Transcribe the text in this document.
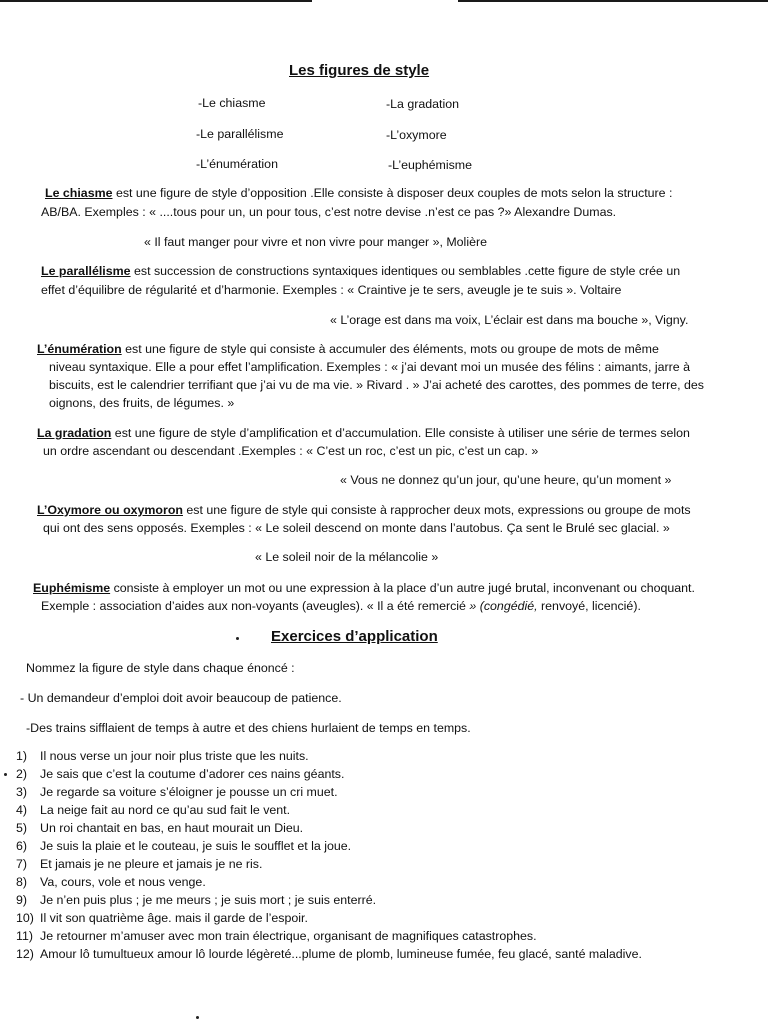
Les figures de style
-Le chiasme
-Le parallélisme
-L’énumération
-La gradation
-L’oxymore
-L’euphémisme
Le chiasme est une figure de style d’opposition .Elle consiste à disposer deux couples de mots selon la structure :
AB/BA. Exemples : « ....tous pour un, un pour tous, c’est notre devise .n’est ce pas ?» Alexandre Dumas.
« Il faut manger pour vivre et non vivre pour manger », Molière
Le parallélisme est succession de constructions syntaxiques identiques ou semblables .cette figure de style crée un
effet d’équilibre de régularité et d’harmonie. Exemples : « Craintive je te sers, aveugle je te suis ». Voltaire
« L’orage est dans ma voix, L’éclair est dans ma bouche », Vigny.
L’énumération est une figure de style qui consiste à accumuler des éléments, mots ou groupe de mots de même
niveau syntaxique. Elle a pour effet l’amplification. Exemples : « j’ai devant moi un musée des félins : aimants, jarre à
biscuits, est le calendrier terrifiant que j’ai vu de ma vie. » Rivard . » J’ai acheté des carottes, des pommes de terre, des
oignons, des fruits, de légumes. »
La gradation est une figure de style d’amplification et d’accumulation. Elle consiste à utiliser une série de termes selon
un ordre ascendant ou descendant .Exemples : « C’est un roc, c’est un pic, c’est un cap. »
« Vous ne donnez qu’un jour, qu’une heure, qu’un moment »
L’Oxymore ou oxymoron est une figure de style qui consiste à rapprocher deux mots, expressions ou groupe de mots
qui ont des sens opposés. Exemples : « Le soleil descend on monte dans l’autobus. Ça sent le Brulé sec glacial. »
« Le soleil noir de la mélancolie »
Euphémisme consiste à employer un mot ou une expression à la place d’un autre jugé brutal, inconvenant ou choquant.
Exemple : association d’aides aux non-voyants (aveugles). « Il a été remercié » (congédié, renvoyé, licencié).
Exercices d’application
Nommez la figure de style dans chaque énoncé :
- Un demandeur d’emploi doit avoir beaucoup de patience.
-Des trains sifflaient de temps à autre et des chiens hurlaient de temps en temps.
1) Il nous verse un jour noir plus triste que les nuits.
2) Je sais que c’est la coutume d’adorer ces nains géants.
3) Je regarde sa voiture s’éloigner je pousse un cri muet.
4) La neige fait au nord ce qu’au sud fait le vent.
5) Un roi chantait en bas, en haut mourait un Dieu.
6) Je suis la plaie et le couteau, je suis le soufflet et la joue.
7) Et jamais je ne pleure et jamais je ne ris.
8) Va, cours, vole et nous venge.
9) Je n’en puis plus ; je me meurs ; je suis mort ; je suis enterré.
10) Il vit son quatrième âge. mais il garde de l’espoir.
11) Je retourner m’amuser avec mon train électrique, organisant de magnifiques catastrophes.
12) Amour lô tumultueux amour lô lourde légèreté...plume de plomb, lumineuse fumée, feu glacé, santé maladive.
